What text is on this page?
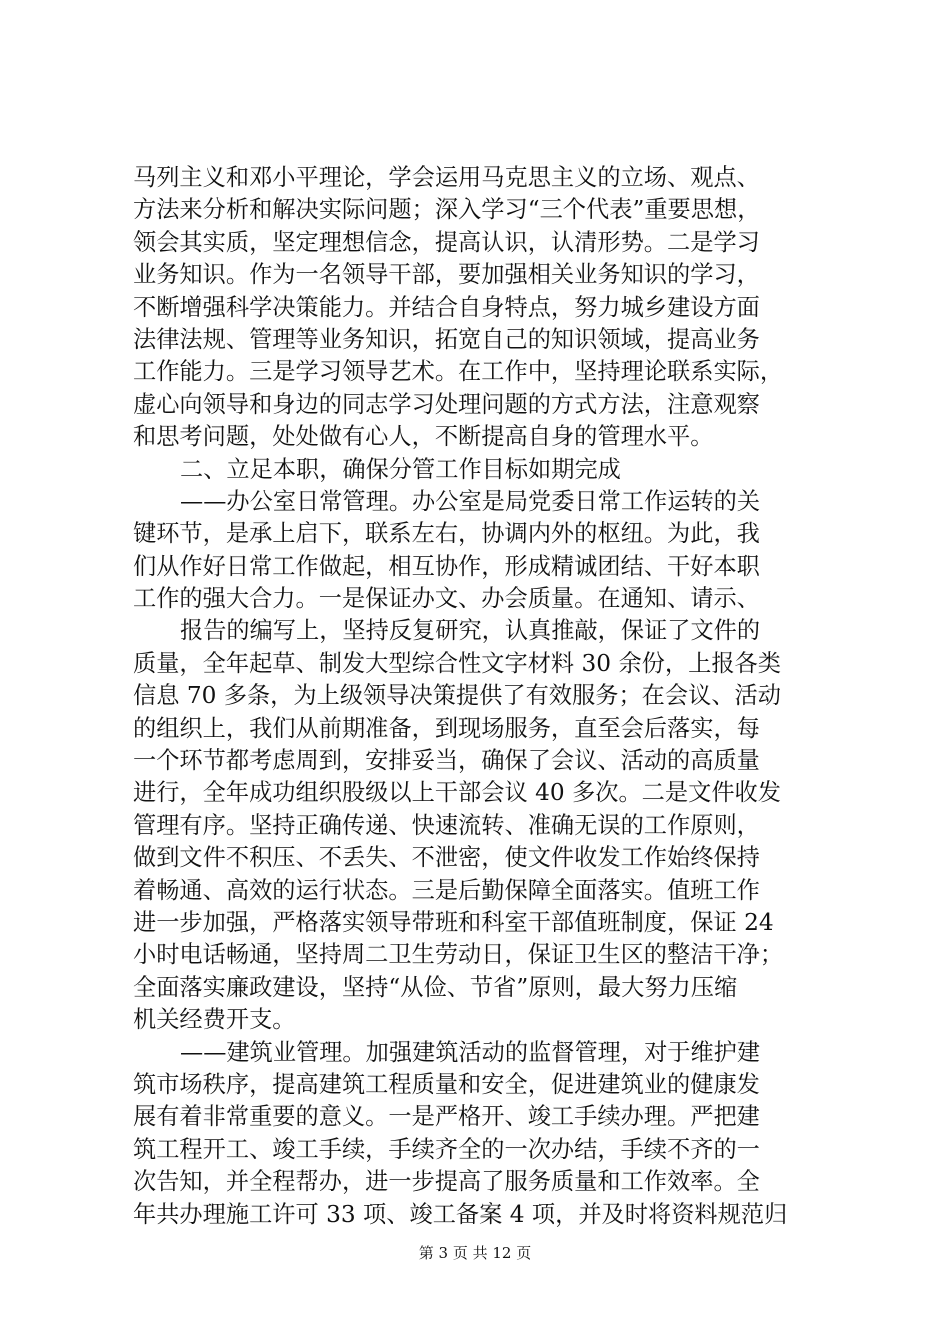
马列主义和邓小平理论，学会运用马克思主义的立场、观点、
方法来分析和解决实际问题；深入学习“三个代表”重要思想，
领会其实质，坚定理想信念，提高认识，认清形势。二是学习
业务知识。作为一名领导干部，要加强相关业务知识的学习，
不断增强科学决策能力。并结合自身特点，努力城乡建设方面
法律法规、管理等业务知识，拓宽自己的知识领域，提高业务
工作能力。三是学习领导艺术。在工作中，坚持理论联系实际，
虚心向领导和身边的同志学习处理问题的方式方法，注意观察
和思考问题，处处做有心人，不断提高自身的管理水平。
二、立足本职，确保分管工作目标如期完成
——办公室日常管理。办公室是局党委日常工作运转的关
键环节，是承上启下，联系左右，协调内外的枢纽。为此，我
们从作好日常工作做起，相互协作，形成精诚团结、干好本职
工作的强大合力。一是保证办文、办会质量。在通知、请示、
报告的编写上，坚持反复研究，认真推敲，保证了文件的
质量，全年起草、制发大型综合性文字材料 30 余份，上报各类
信息 70 多条，为上级领导决策提供了有效服务；在会议、活动
的组织上，我们从前期准备，到现场服务，直至会后落实，每
一个环节都考虑周到，安排妥当，确保了会议、活动的高质量
进行，全年成功组织股级以上干部会议 40 多次。二是文件收发
管理有序。坚持正确传递、快速流转、准确无误的工作原则，
做到文件不积压、不丢失、不泄密，使文件收发工作始终保持
着畅通、高效的运行状态。三是后勤保障全面落实。值班工作
进一步加强，严格落实领导带班和科室干部值班制度，保证 24
小时电话畅通，坚持周二卫生劳动日，保证卫生区的整洁干净；
全面落实廉政建设，坚持“从俭、节省”原则，最大努力压缩
机关经费开支。
——建筑业管理。加强建筑活动的监督管理，对于维护建
筑市场秩序，提高建筑工程质量和安全，促进建筑业的健康发
展有着非常重要的意义。一是严格开、竣工手续办理。严把建
筑工程开工、竣工手续，手续齐全的一次办结，手续不齐的一
次告知，并全程帮办，进一步提高了服务质量和工作效率。全
年共办理施工许可 33 项、竣工备案 4 项，并及时将资料规范归
第 3 页 共 12 页
